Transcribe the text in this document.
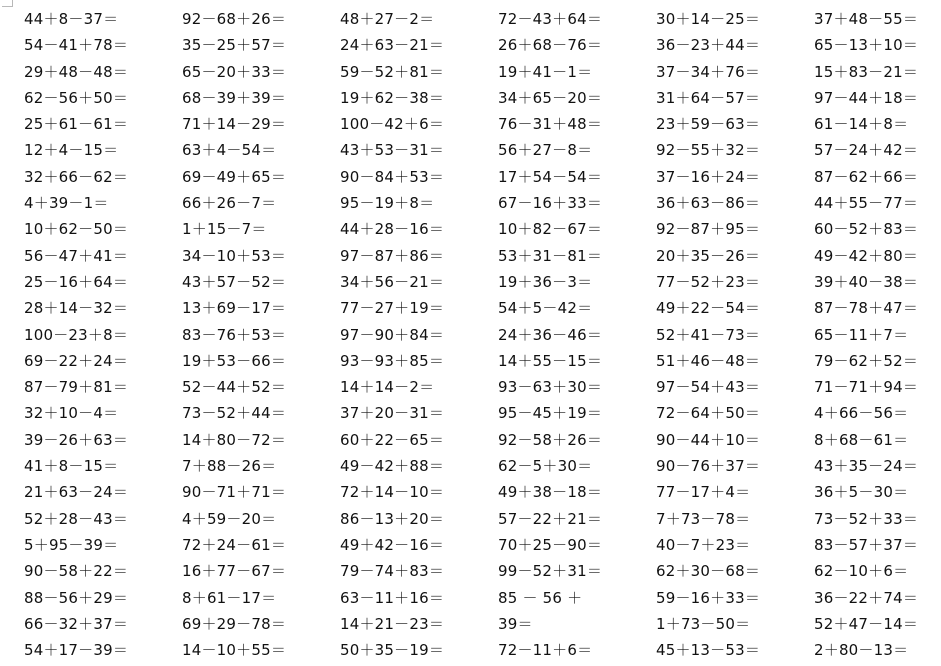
44＋8－37＝	92－68＋26＝	48＋27－2＝	72－43＋64＝	30＋14－25＝	37＋48－55＝
54－41＋78＝	35－25＋57＝	24＋63－21＝	26＋68－76＝	36－23＋44＝	65－13＋10＝
29＋48－48＝	65－20＋33＝	59－52＋81＝	19＋41－1＝	37－34＋76＝	15＋83－21＝
62－56＋50＝	68－39＋39＝	19＋62－38＝	34＋65－20＝	31＋64－57＝	97－44＋18＝
25＋61－61＝	71＋14－29＝	100－42＋6＝	76－31＋48＝	23＋59－63＝	61－14＋8＝
12＋4－15＝	63＋4－54＝	43＋53－31＝	56＋27－8＝	92－55＋32＝	57－24＋42＝
32＋66－62＝	69－49＋65＝	90－84＋53＝	17＋54－54＝	37－16＋24＝	87－62＋66＝
4＋39－1＝	66＋26－7＝	95－19＋8＝	67－16＋33＝	36＋63－86＝	44＋55－77＝
10＋62－50＝	1＋15－7＝	44＋28－16＝	10＋82－67＝	92－87＋95＝	60－52＋83＝
56－47＋41＝	34－10＋53＝	97－87＋86＝	53＋31－81＝	20＋35－26＝	49－42＋80＝
25－16＋64＝	43＋57－52＝	34＋56－21＝	19＋36－3＝	77－52＋23＝	39＋40－38＝
28＋14－32＝	13＋69－17＝	77－27＋19＝	54＋5－42＝	49＋22－54＝	87－78＋47＝
100－23＋8＝	83－76＋53＝	97－90＋84＝	24＋36－46＝	52＋41－73＝	65－11＋7＝
69－22＋24＝	19＋53－66＝	93－93＋85＝	14＋55－15＝	51＋46－48＝	79－62＋52＝
87－79＋81＝	52－44＋52＝	14＋14－2＝	93－63＋30＝	97－54＋43＝	71－71＋94＝
32＋10－4＝	73－52＋44＝	37＋20－31＝	95－45＋19＝	72－64＋50＝	4＋66－56＝
39－26＋63＝	14＋80－72＝	60＋22－65＝	92－58＋26＝	90－44＋10＝	8＋68－61＝
41＋8－15＝	7＋88－26＝	49－42＋88＝	62－5＋30＝	90－76＋37＝	43＋35－24＝
21＋63－24＝	90－71＋71＝	72＋14－10＝	49＋38－18＝	77－17＋4＝	36＋5－30＝
52＋28－43＝	4＋59－20＝	86－13＋20＝	57－22＋21＝	7＋73－78＝	73－52＋33＝
5＋95－39＝	72＋24－61＝	49＋42－16＝	70＋25－90＝	40－7＋23＝	83－57＋37＝
90－58＋22＝	16＋77－67＝	79－74＋83＝	99－52＋31＝	62＋30－68＝	62－10＋6＝
88－56＋29＝	8＋61－17＝	63－11＋16＝	85 － 56 ＋	59－16＋33＝	36－22＋74＝
66－32＋37＝	69＋29－78＝	14＋21－23＝	39＝	1＋73－50＝	52＋47－14＝
54＋17－39＝	14－10＋55＝	50＋35－19＝	72－11＋6＝	45＋13－53＝	2＋80－13＝
